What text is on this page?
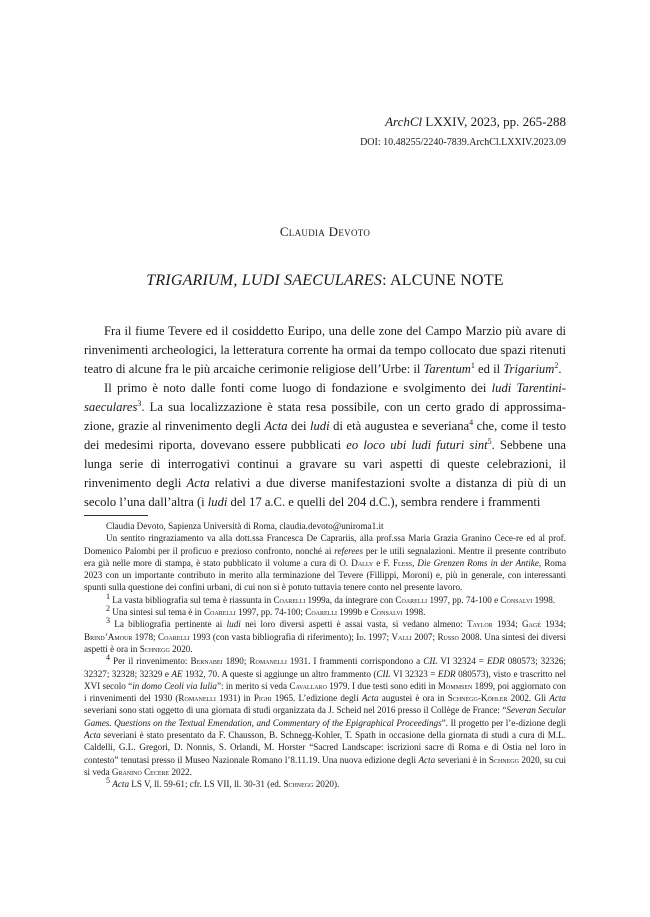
ArchCl LXXIV, 2023, pp. 265-288
DOI: 10.48255/2240-7839.ArchCl.LXXIV.2023.09
Claudia Devoto
TRIGARIUM, LUDI SAECULARES: ALCUNE NOTE

Fra il fiume Tevere ed il cosiddetto Euripo, una delle zone del Campo Marzio più avare di rinvenimenti archeologici, la letteratura corrente ha ormai da tempo collocato due spazi ritenuti teatro di alcune fra le più arcaiche cerimonie religiose dell’Urbe: il Tarentum$^1$ ed il Trigarium$^2$.

Il primo è noto dalle fonti come luogo di fondazione e svolgimento dei ludi Tarentini-saeculares$^3$. La sua localizzazione è stata resa possibile, con un certo grado di approssima-zione, grazie al rinvenimento degli Acta dei ludi di età augustea e severiana$^4$ che, come il testo dei medesimi riporta, dovevano essere pubblicati eo loco ubi ludi futuri sint$^5$. Sebbene una lunga serie di interrogativi continui a gravare su vari aspetti di queste celebrazioni, il rinvenimento degli Acta relativi a due diverse manifestazioni svolte a distanza di più di un secolo l’una dall’altra (i ludi del 17 a.C. e quelli del 204 d.C.), sembra rendere i frammenti

Claudia Devoto, Sapienza Università di Roma, claudia.devoto@uniroma1.it

Un sentito ringraziamento va alla dott.ssa Francesca De Caprariis, alla prof.ssa Maria Grazia Granino Cece-re ed al prof. Domenico Palombi per il proficuo e prezioso confronto, nonché ai referees per le utili segnalazioni. Mentre il presente contributo era già nelle more di stampa, è stato pubblicato il volume a cura di O. Dally e F. Fless, Die Grenzen Roms in der Antike, Roma 2023 con un importante contributo in merito alla terminazione del Tevere (Fillippi, Moroni) e, più in generale, con interessanti spunti sulla questione dei confini urbani, di cui non si è potuto tuttavia tenere conto nel presente lavoro.

$^1$ La vasta bibliografia sul tema è riassunta in Coarelli 1999a, da integrare con Coarelli 1997, pp. 74-100 e Consalvi 1998.

$^2$ Una sintesi sul tema è in Coarelli 1997, pp. 74-100; Coarelli 1999b e Consalvi 1998.

$^3$ La bibliografia pertinente ai ludi nei loro diversi aspetti è assai vasta, si vedano almeno: Taylor 1934; Gagé 1934; Brind’Amour 1978; Coarelli 1993 (con vasta bibliografia di riferimento); Id. 1997; Valli 2007; Russo 2008. Una sintesi dei diversi aspetti è ora in Schnegg 2020.

$^4$ Per il rinvenimento: Bernabei 1890; Romanelli 1931. I frammenti corrispondono a CIL VI 32324 = EDR 080573; 32326; 32327; 32328; 32329 e AE 1932, 70. A queste si aggiunge un altro frammento (CIL VI 32323 = EDR 080573), visto e trascritto nel XVI secolo “in domo Ceoli via Iulia”: in merito si veda Cavallaro 1979. I due testi sono editi in Mommsen 1899, poi aggiornato con i rinvenimenti del 1930 (Romanelli 1931) in Pighi 1965. L’edizione degli Acta augustei è ora in Schnegg-Köhler 2002. Gli Acta severiani sono stati oggetto di una giornata di studi organizzata da J. Scheid nel 2016 presso il Collège de France: “Severan Secular Games. Questions on the Textual Emendation, and Commentary of the Epigraphical Proceedings”. Il progetto per l’e-dizione degli Acta severiani è stato presentato da F. Chausson, B. Schnegg-Kohler, T. Spath in occasione della giornata di studi a cura di M.L. Caldelli, G.L. Gregori, D. Nonnis, S. Orlandi, M. Horster “Sacred Landscape: iscrizioni sacre di Roma e di Ostia nel loro in contesto” tenutasi presso il Museo Nazionale Romano l’8.11.19. Una nuova edizione degli Acta severiani è in Schnegg 2020, su cui si veda Granino Cecere 2022.

$^5$ Acta LS V, ll. 59-61; cfr. LS VII, ll. 30-31 (ed. Schnegg 2020).
